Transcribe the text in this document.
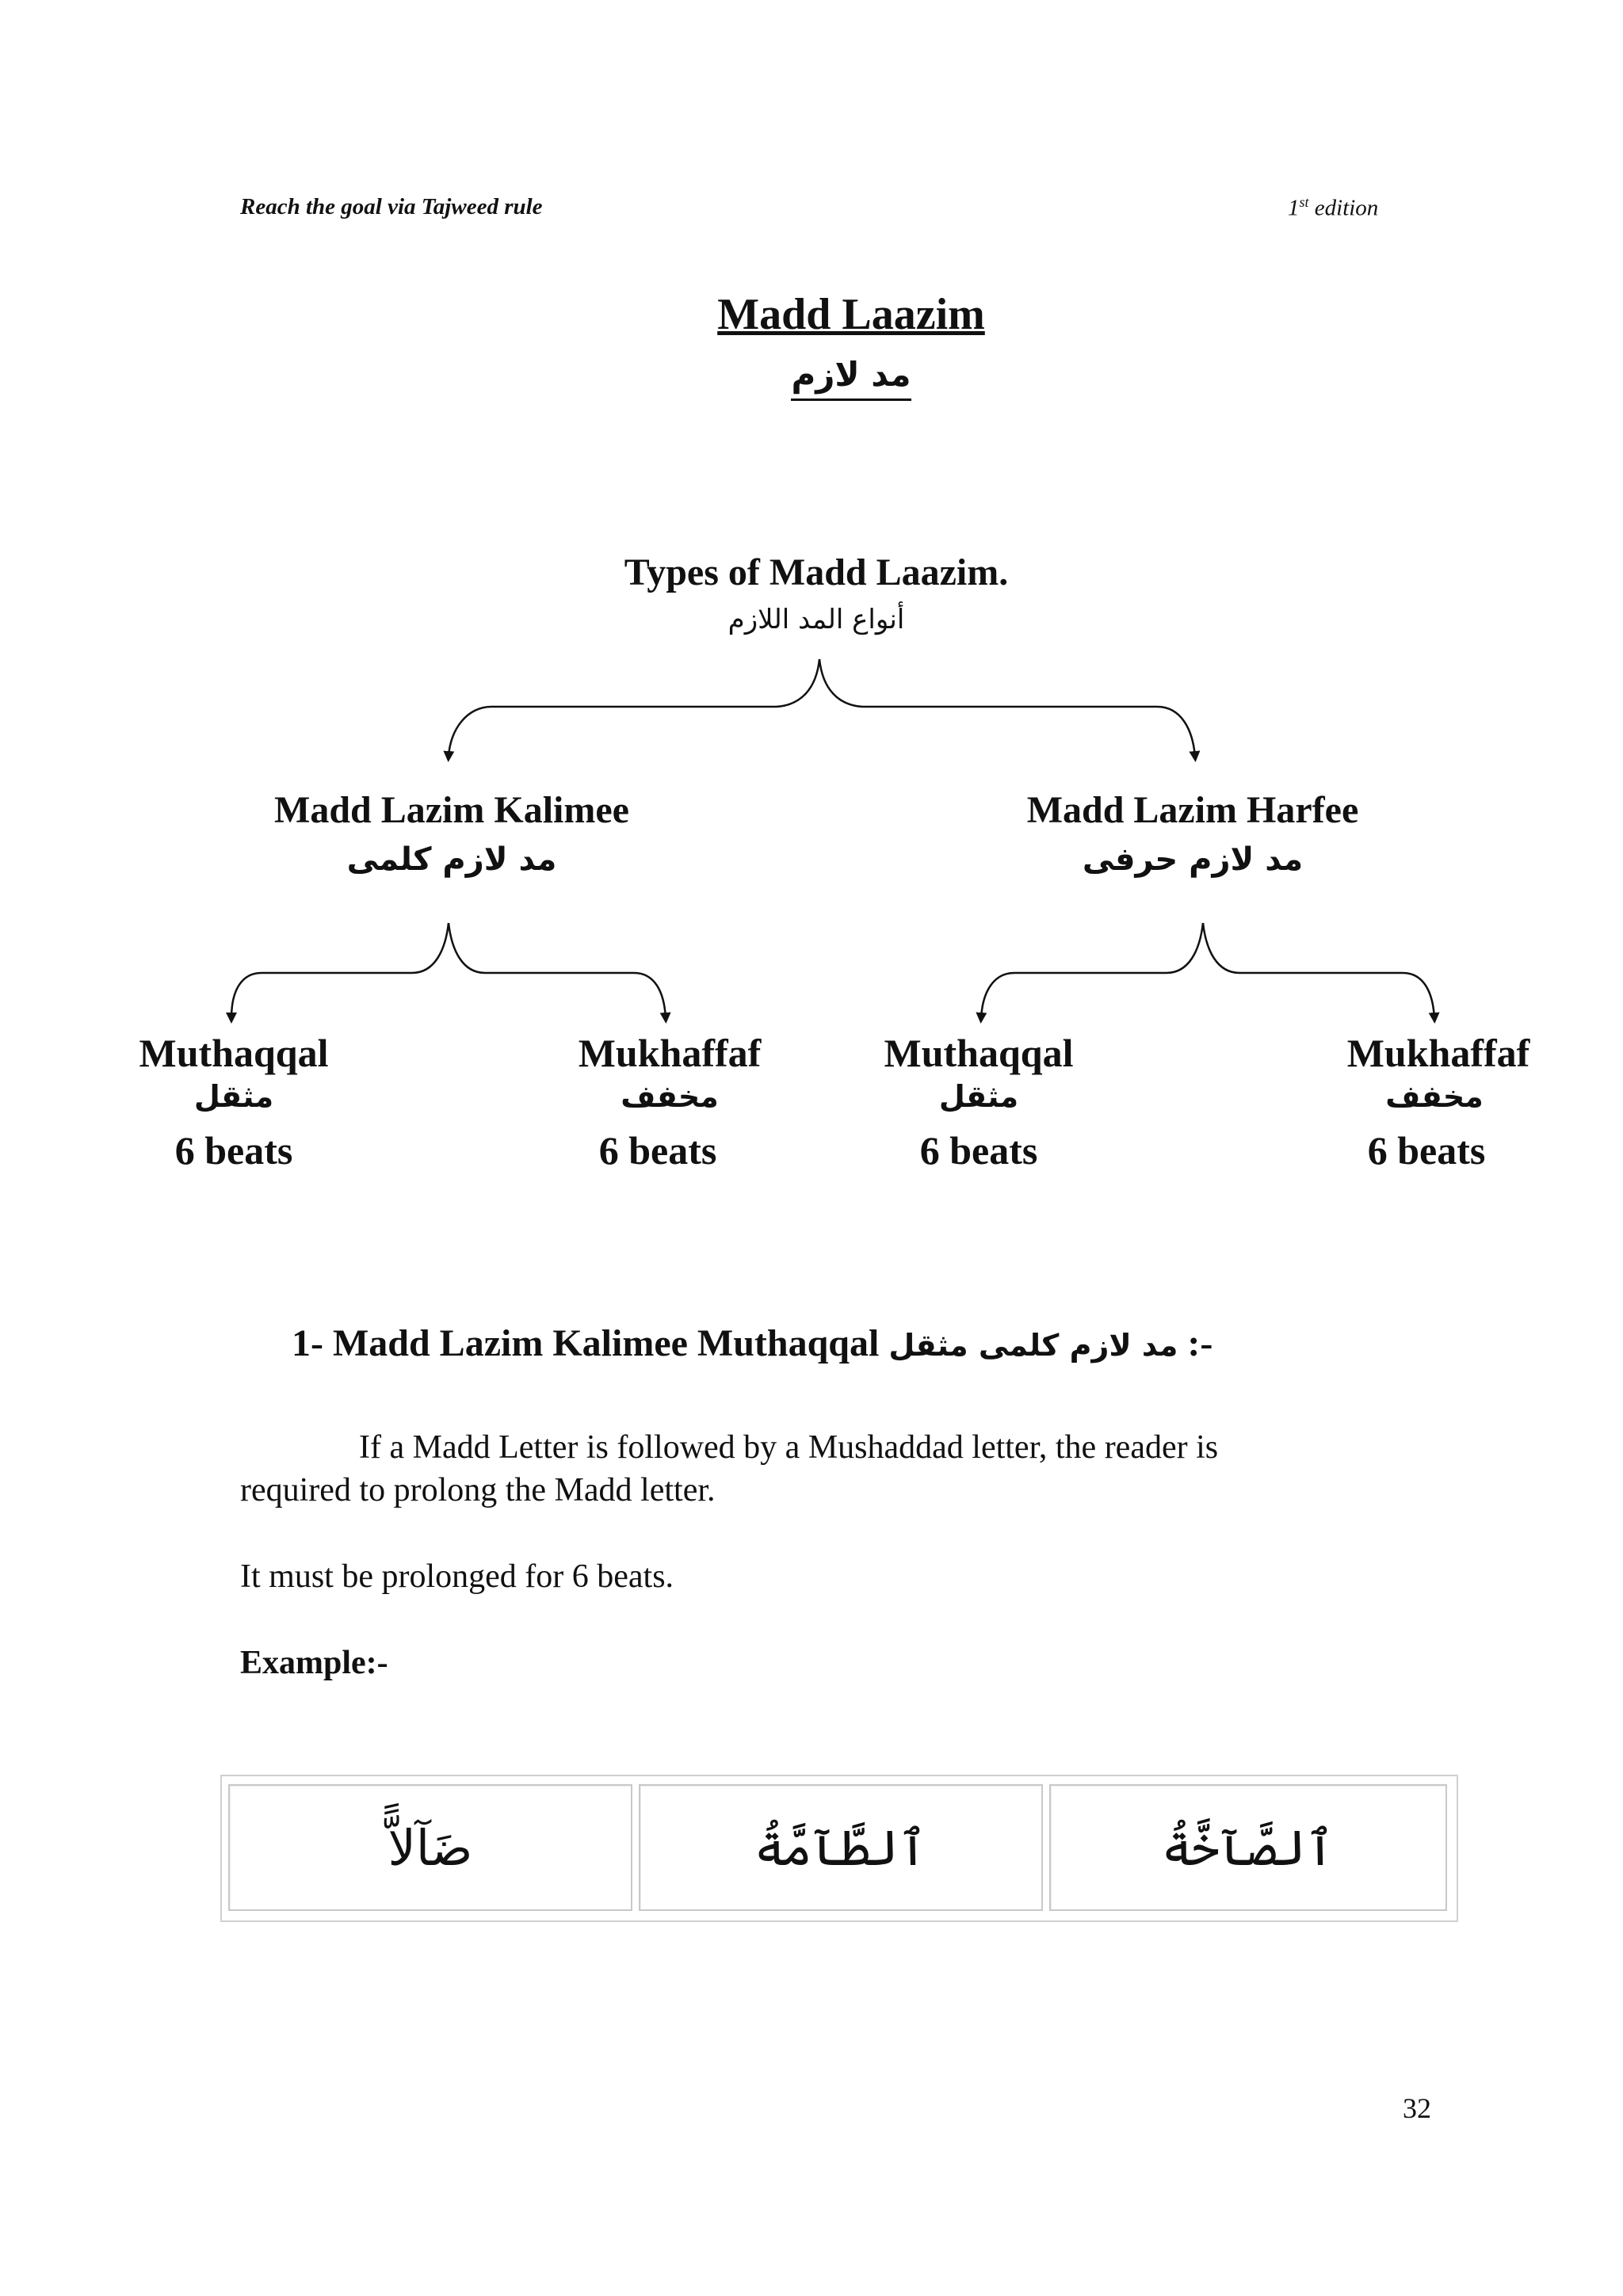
Reach the goal via Tajweed rule	1st edition
Madd Laazim
مد لازم
Types of Madd Laazim.
أنواع المد اللازم
Madd Lazim Kalimee
مد لازم كلمى
Madd Lazim Harfee
مد لازم حرفى
Muthaqqal
مثقل
6 beats
Mukhaffaf
مخفف
6 beats
Muthaqqal
مثقل
6 beats
Mukhaffaf
مخفف
6 beats
1- Madd Lazim Kalimee Muthaqqal مد لازم كلمى مثقل :-
If a Madd Letter is followed by a Mushaddad letter, the reader is
required to prolong the Madd letter.
It must be prolonged for 6 beats.
Example:-
ضَآلاًّ	ٱلطَّآمَّةُ	ٱلصَّآخَّةُ
32
